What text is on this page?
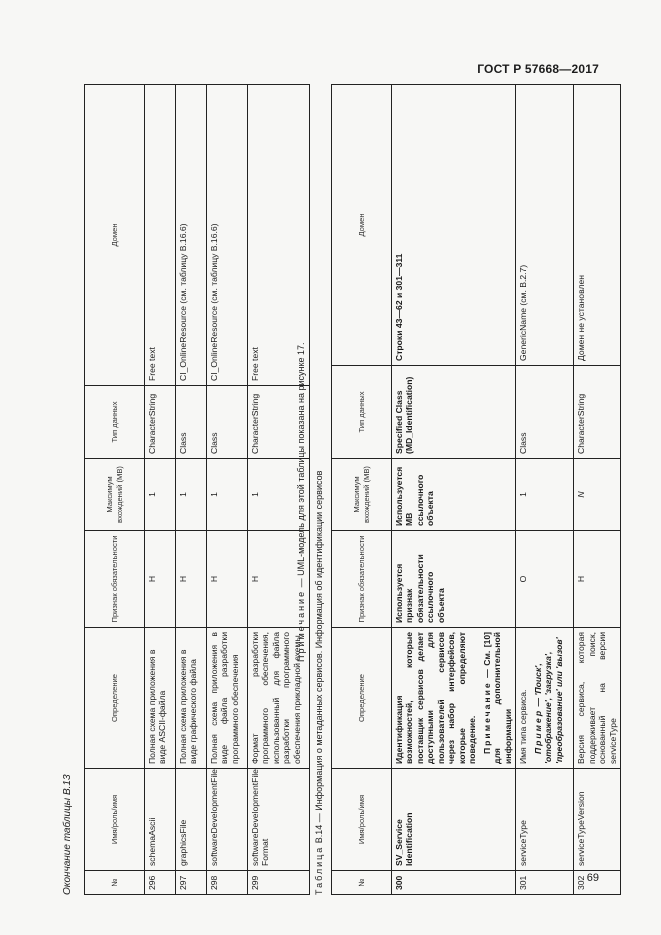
ГОСТ Р 57668—2017
Окончание таблицы В.13	№	Имя/роль/имя	Определение	Признак обязательности	Максимум вхождений (МВ)	Тип данных	Домен
296	schemaAscii	Полная схема приложения в виде ASCII-файла	Н	1	CharacterString	Free text
297	graphicsFile	Полная схема приложения в виде графического файла	Н	1	Class	CI_OnlineResource (см. таблицу В.16.6)
298	softwareDevelopmentFile	Полная схема приложения в виде файла разработки программного обеспечения	Н	1	Class	CI_OnlineResource (см. таблицу В.16.6)
299	softwareDevelopmentFile Format	Формат разработки программного обеспечения, использованный для файла разработки программного обеспечения прикладной схемы	Н	1	CharacterString	Free text
Примечание — UML-модель для этой таблицы показана на рисунке 17.
Таблица В.14 — Информация о метаданных сервисов. Информация об идентификации сервисов
№	Имя/роль/имя	Определение	Признак обязательности	Максимум вхождений (МВ)	Тип данных	Домен
300	SV_Service Identification	Идентификация возможностей, которые поставщик сервисов делает доступными для пользователей сервисов через набор интерфейсов, которые определяют поведение. Примечание — См. [10] для дополнительной информации	Используется признак обязательности ссылочного объекта	Используется МВ ссылочного объекта	Specified Class (MD_Identification)	Строки 43—62 и 301—311
301	serviceType	Имя типа сервиса. Пример — 'Поиск', 'отображение', 'загрузка', 'преобразование' или 'вызов'	О	1	Class	GenericName (см. В.2.7)
302	serviceTypeVersion	Версия сервиса, которая поддерживает поиск, основанный на версии serviceType	Н	N	CharacterString	Домен не установлен
69
